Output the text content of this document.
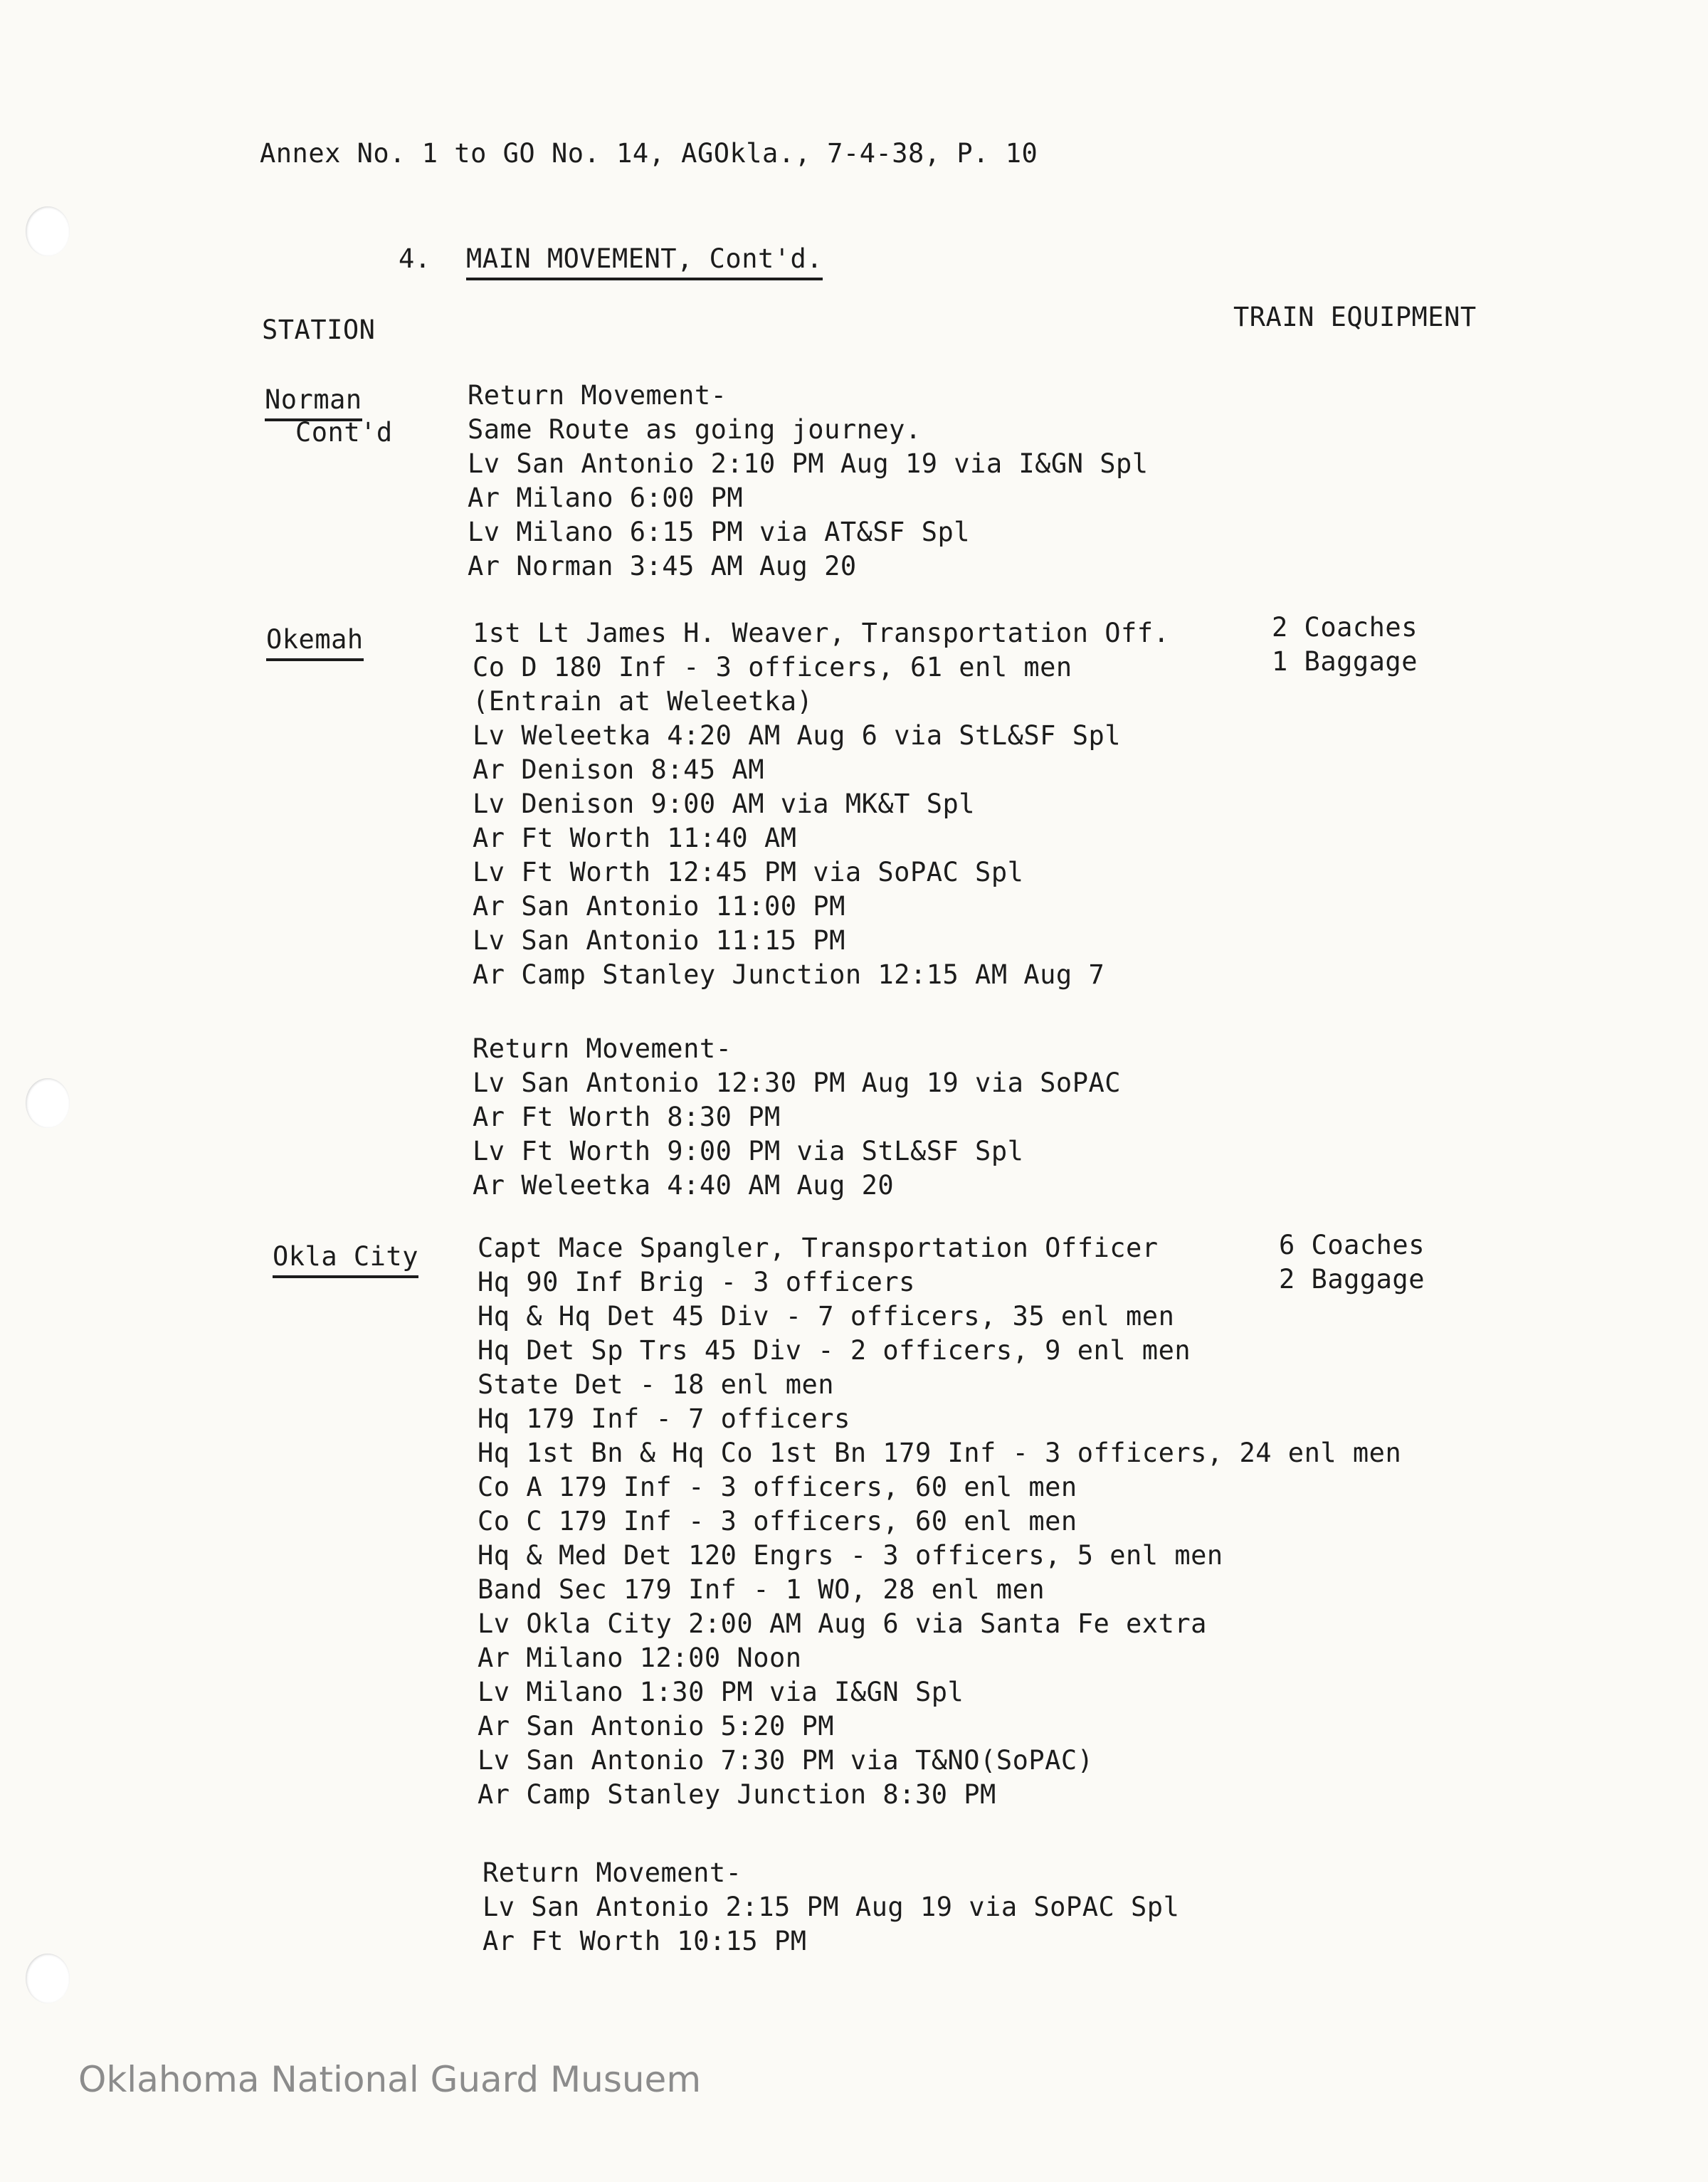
Annex No. 1 to GO No. 14, AGOkla., 7-4-38, P. 10
4. MAIN MOVEMENT, Cont'd.
STATION	TRAIN EQUIPMENT
Norman
Cont'd
Return Movement-
Same Route as going journey.
Lv San Antonio 2:10 PM Aug 19 via I&GN Spl
Ar Milano 6:00 PM
Lv Milano 6:15 PM via AT&SF Spl
Ar Norman 3:45 AM Aug 20
Okemah	1st Lt James H. Weaver, Transportation Off.
Co D 180 Inf - 3 officers, 61 enl men
(Entrain at Weleetka)
Lv Weleetka 4:20 AM Aug 6 via StL&SF Spl
Ar Denison 8:45 AM
Lv Denison 9:00 AM via MK&T Spl
Ar Ft Worth 11:40 AM
Lv Ft Worth 12:45 PM via SoPAC Spl
Ar San Antonio 11:00 PM
Lv San Antonio 11:15 PM
Ar Camp Stanley Junction 12:15 AM Aug 7
Return Movement-
Lv San Antonio 12:30 PM Aug 19 via SoPAC
Ar Ft Worth 8:30 PM
Lv Ft Worth 9:00 PM via StL&SF Spl
Ar Weleetka 4:40 AM Aug 20
2 Coaches
1 Baggage
Okla City Capt Mace Spangler, Transportation Officer
Hq 90 Inf Brig - 3 officers
Hq & Hq Det 45 Div - 7 officers, 35 enl men
Hq Det Sp Trs 45 Div - 2 officers, 9 enl men
State Det - 18 enl men
Hq 179 Inf - 7 officers
Hq 1st Bn & Hq Co 1st Bn 179 Inf - 3 officers, 24 enl men
Co A 179 Inf - 3 officers, 60 enl men
Co C 179 Inf - 3 officers, 60 enl men
Hq & Med Det 120 Engrs - 3 officers, 5 enl men
Band Sec 179 Inf - 1 WO, 28 enl men
Lv Okla City 2:00 AM Aug 6 via Santa Fe extra
Ar Milano 12:00 Noon
Lv Milano 1:30 PM via I&GN Spl
Ar San Antonio 5:20 PM
Lv San Antonio 7:30 PM via T&NO(SoPAC)
Ar Camp Stanley Junction 8:30 PM
Return Movement-
Lv San Antonio 2:15 PM Aug 19 via SoPAC Spl
Ar Ft Worth 10:15 PM
6 Coaches
2 Baggage
Oklahoma National Guard Musuem
